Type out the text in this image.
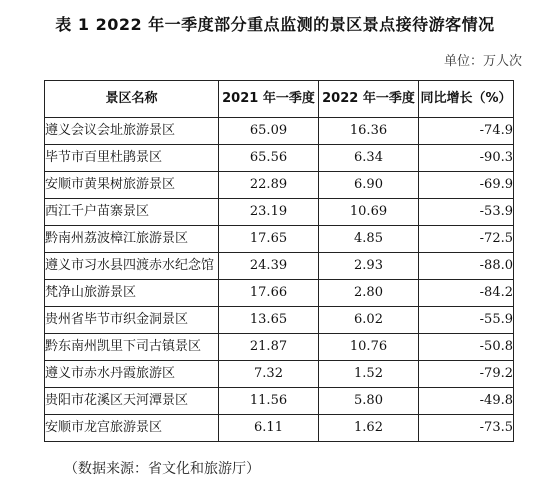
表 1 2022 年一季度部分重点监测的景区景点接待游客情况
单位：万人次
景区名称	2021 年一季度	2022 年一季度	同比增长（%）
遵义会议会址旅游景区	65.09	16.36	-74.9
毕节市百里杜鹃景区	65.56	6.34	-90.3
安顺市黄果树旅游景区	22.89	6.90	-69.9
西江千户苗寨景区	23.19	10.69	-53.9
黔南州荔波樟江旅游景区	17.65	4.85	-72.5
遵义市习水县四渡赤水纪念馆	24.39	2.93	-88.0
梵净山旅游景区	17.66	2.80	-84.2
贵州省毕节市织金洞景区	13.65	6.02	-55.9
黔东南州凯里下司古镇景区	21.87	10.76	-50.8
遵义市赤水丹霞旅游区	7.32	1.52	-79.2
贵阳市花溪区天河潭景区	11.56	5.80	-49.8
安顺市龙宫旅游景区	6.11	1.62	-73.5
（数据来源：省文化和旅游厅）
